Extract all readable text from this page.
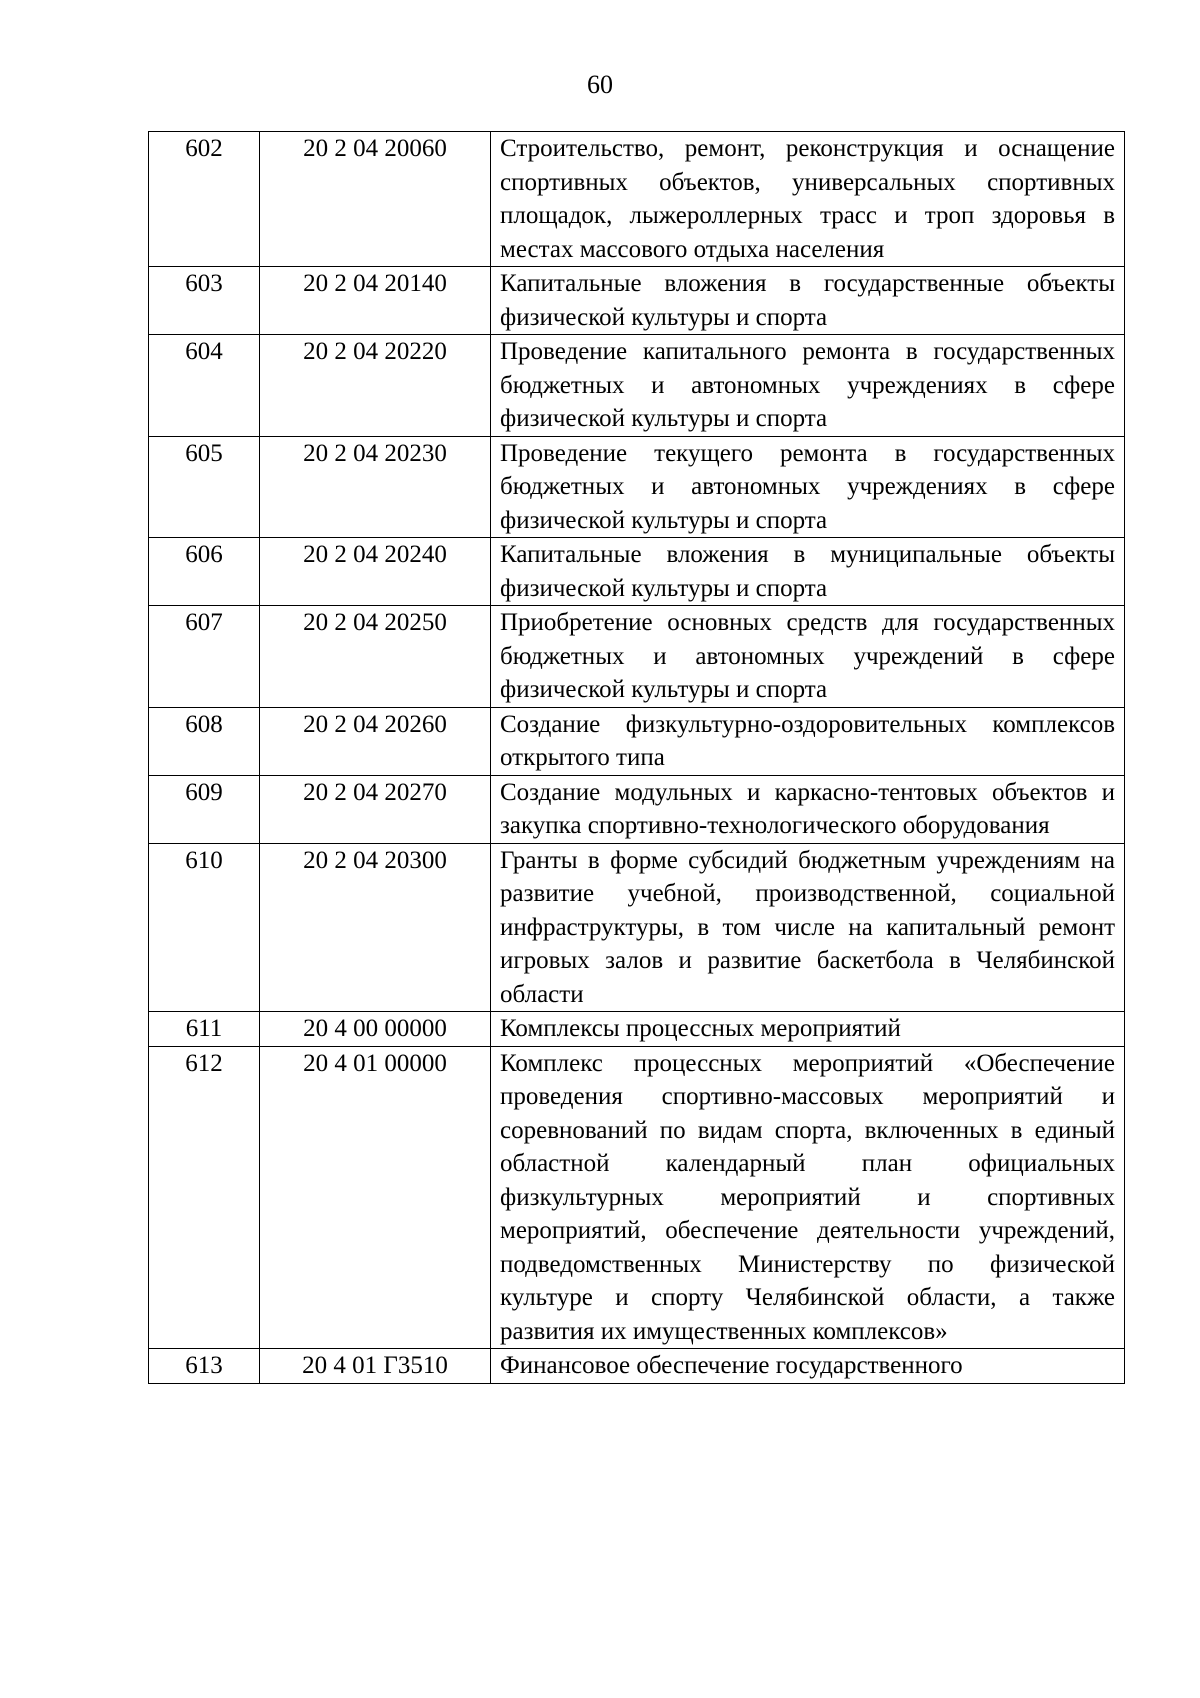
60
602	20 2 04 20060	Строительство, ремонт, реконструкция и оснащение спортивных объектов, универсальных спортивных площадок, лыжероллерных трасс и троп здоровья в местах массового отдыха населения
603	20 2 04 20140	Капитальные вложения в государственные объекты физической культуры и спорта
604	20 2 04 20220	Проведение капитального ремонта в государственных бюджетных и автономных учреждениях в сфере физической культуры и спорта
605	20 2 04 20230	Проведение текущего ремонта в государственных бюджетных и автономных учреждениях в сфере физической культуры и спорта
606	20 2 04 20240	Капитальные вложения в муниципальные объекты физической культуры и спорта
607	20 2 04 20250	Приобретение основных средств для государственных бюджетных и автономных учреждений в сфере физической культуры и спорта
608	20 2 04 20260	Создание физкультурно-оздоровительных комплексов открытого типа
609	20 2 04 20270	Создание модульных и каркасно-тентовых объектов и закупка спортивно-технологического оборудования
610	20 2 04 20300	Гранты в форме субсидий бюджетным учреждениям на развитие учебной, производственной, социальной инфраструктуры, в том числе на капитальный ремонт игровых залов и развитие баскетбола в Челябинской области
611	20 4 00 00000	Комплексы процессных мероприятий
612	20 4 01 00000	Комплекс процессных мероприятий «Обеспечение проведения спортивно-массовых мероприятий и соревнований по видам спорта, включенных в единый областной календарный план официальных физкультурных мероприятий и спортивных мероприятий, обеспечение деятельности учреждений, подведомственных Министерству по физической культуре и спорту Челябинской области, а также развития их имущественных комплексов»
613	20 4 01 Г3510	Финансовое обеспечение государственного
